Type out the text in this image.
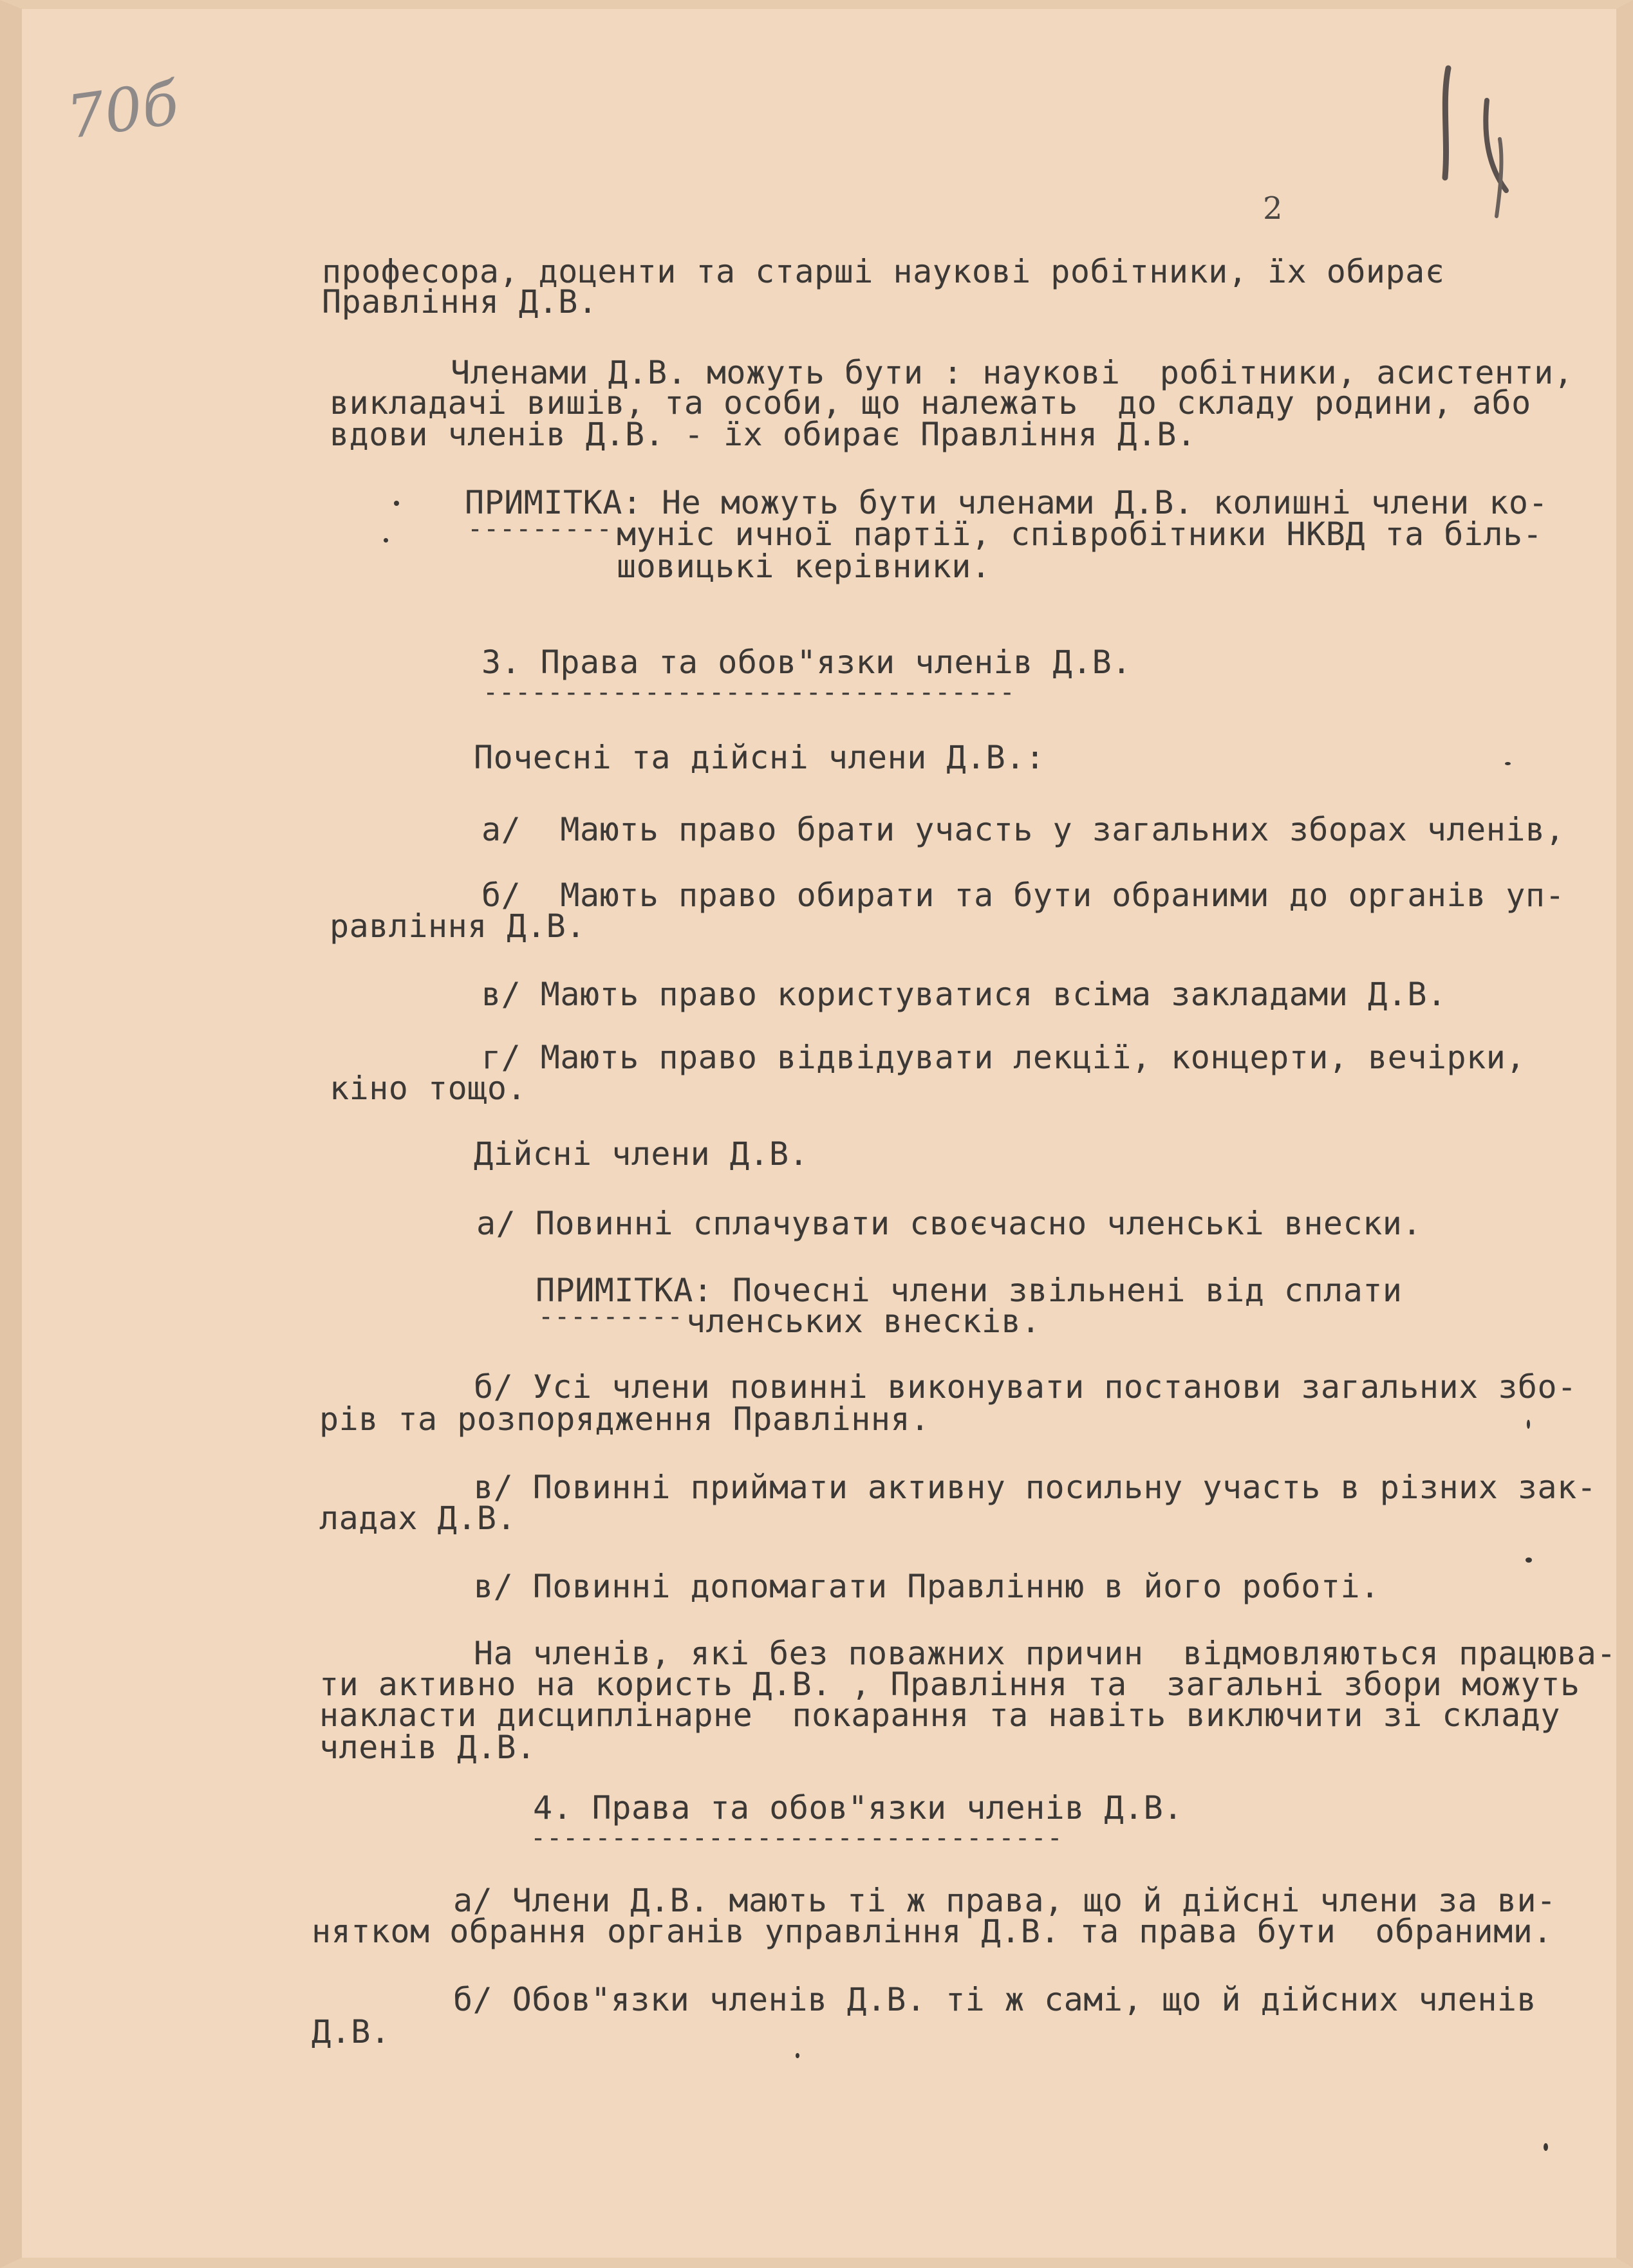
70б
2

професора, доценти та старші наукові робітники, їх обирає

Правління Д.В.

Членами Д.В. можуть бути : наукові  робітники, асистенти,

викладачі вишів, та особи, що належать  до складу родини, або

вдови членів Д.В. - їх обирає Правління Д.В.

ПРИМІТКА: Не можуть бути членами Д.В. колишні члени ко-

--------- муніс ичної партії, співробітники НКВД та біль-

шовицькі керівники.

3. Права та обов"язки членів Д.В.

---------------------------------

Почесні та дійсні члени Д.В.:

а/  Мають право брати участь у загальних зборах членів,

б/  Мають право обирати та бути обраними до органів уп-

равління Д.В.

в/ Мають право користуватися всіма закладами Д.В.

г/ Мають право відвідувати лекції, концерти, вечірки,

кіно тощо.

Дійсні члени Д.В.

а/ Повинні сплачувати своєчасно членські внески.

ПРИМІТКА: Почесні члени звільнені від сплати

--------- членських внесків.

б/ Усі члени повинні виконувати постанови загальних збо-

рів та розпорядження Правління.

в/ Повинні приймати активну посильну участь в різних зак-

ладах Д.В.

в/ Повинні допомагати Правлінню в його роботі.

На членів, які без поважних причин  відмовляються працюва-

ти активно на користь Д.В. , Правління та  загальні збори можуть

накласти дисциплінарне  покарання та навіть виключити зі складу

членів Д.В.

4. Права та обов"язки членів Д.В.

---------------------------------

а/ Члени Д.В. мають ті ж права, що й дійсні члени за ви-

нятком обрання органів управління Д.В. та права бути  обраними.

б/ Обов"язки членів Д.В. ті ж самі, що й дійсних членів

Д.В.
